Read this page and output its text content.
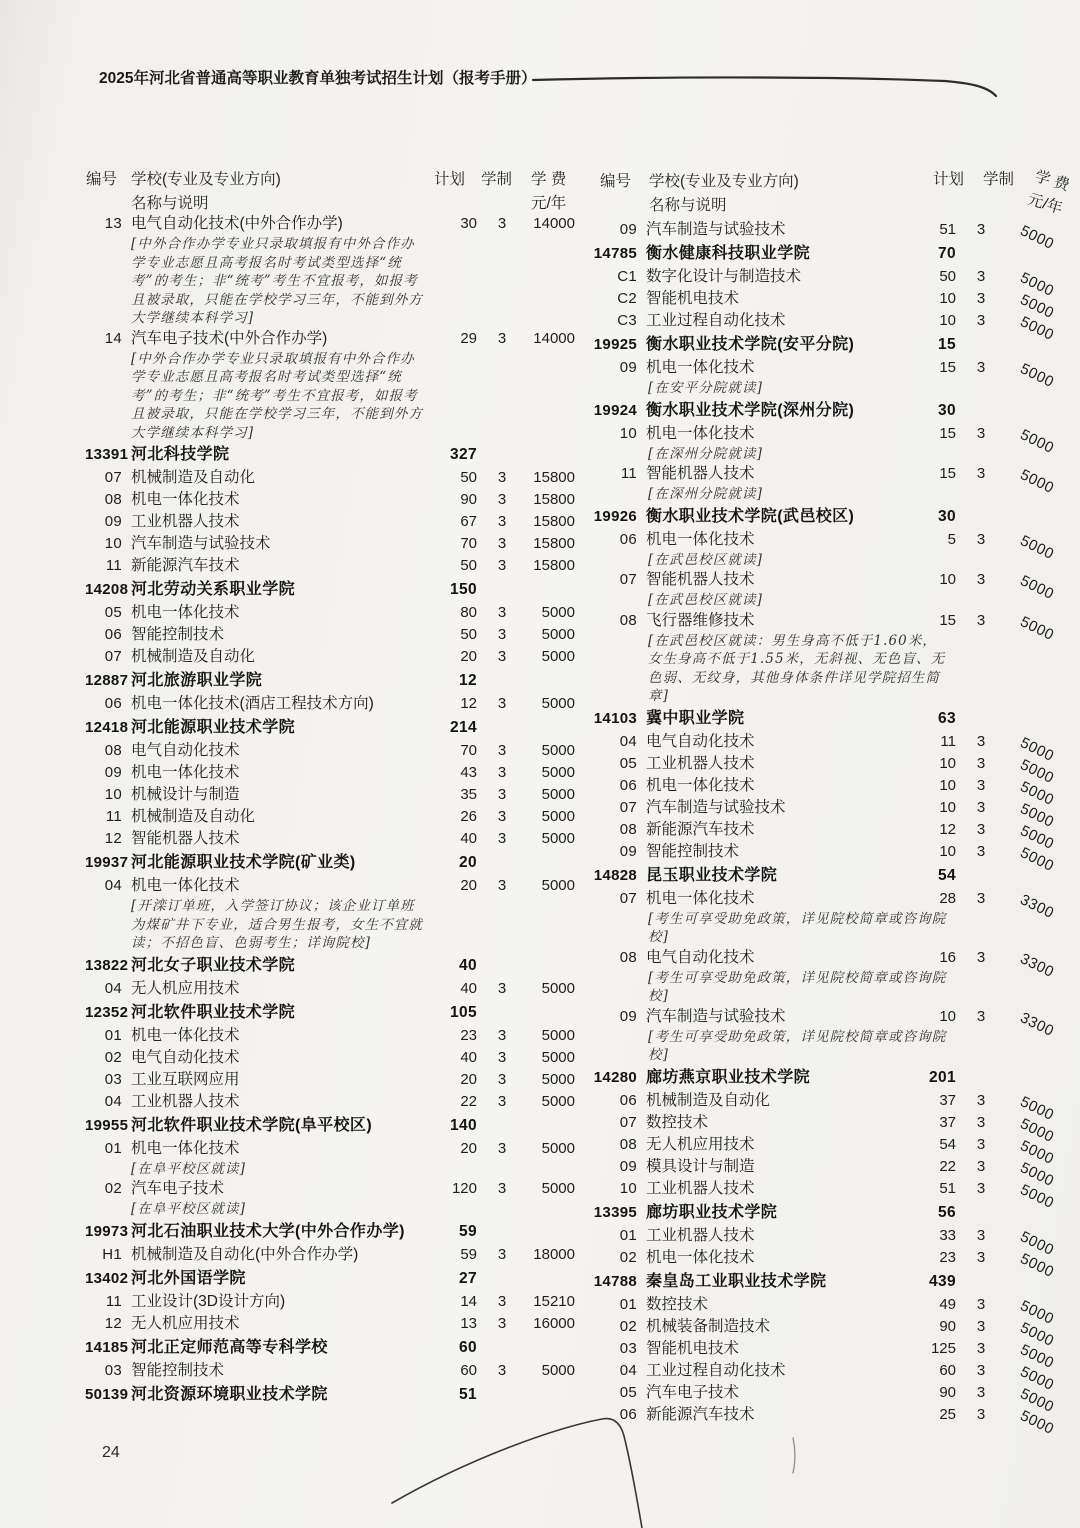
2025年河北省普通高等职业教育单独考试招生计划（报考手册）
编号 学校(专业及专业方向)
名称与说明
计划 学制 学 费
元/年
编号 学校(专业及专业方向)
名称与说明
计划 学制	学 费
元/年
13 电气自动化技术(中外合作办学)	30	3	14000
[中外合作办学专业只录取填报有中外合作办学专业志愿且高考报名时考试类型选择“统考”的考生；非“统考”考生不宜报考，如报考且被录取，只能在学校学习三年，不能到外方大学继续本科学习]
14 汽车电子技术(中外合作办学)	29	3	14000
[中外合作办学专业只录取填报有中外合作办学专业志愿且高考报名时考试类型选择“统考”的考生；非“统考”考生不宜报考，如报考且被录取，只能在学校学习三年，不能到外方大学继续本科学习]
13391 河北科技学院	327
07 机械制造及自动化	50	3	15800
08 机电一体化技术	90	3	15800
09 工业机器人技术	67	3	15800
10 汽车制造与试验技术	70	3	15800
11 新能源汽车技术	50	3	15800
14208 河北劳动关系职业学院	150
05 机电一体化技术	80	3	5000
06 智能控制技术	50	3	5000
07 机械制造及自动化	20	3	5000
12887 河北旅游职业学院	12
06 机电一体化技术(酒店工程技术方向)	12	3	5000
12418 河北能源职业技术学院	214
08 电气自动化技术	70	3	5000
09 机电一体化技术	43	3	5000
10 机械设计与制造	35	3	5000
11 机械制造及自动化	26	3	5000
12 智能机器人技术	40	3	5000
19937 河北能源职业技术学院(矿业类)	20
04 机电一体化技术	20	3	5000
[开滦订单班，入学签订协议；该企业订单班为煤矿井下专业，适合男生报考，女生不宜就读；不招色盲、色弱考生；详询院校]
13822 河北女子职业技术学院	40
04 无人机应用技术	40	3	5000
12352 河北软件职业技术学院	105
01 机电一体化技术	23	3	5000
02 电气自动化技术	40	3	5000
03 工业互联网应用	20	3	5000
04 工业机器人技术	22	3	5000
19955 河北软件职业技术学院(阜平校区)	140
01 机电一体化技术	20	3	5000
[在阜平校区就读]
02 汽车电子技术	120	3	5000
[在阜平校区就读]
19973 河北石油职业技术大学(中外合作办学)	59
H1 机械制造及自动化(中外合作办学)	59	3	18000
13402 河北外国语学院	27
11 工业设计(3D设计方向)	14	3	15210
12 无人机应用技术	13	3	16000
14185 河北正定师范高等专科学校	60
03 智能控制技术	60	3	5000
50139 河北资源环境职业技术学院	51
09 汽车制造与试验技术	51	3	5000
14785 衡水健康科技职业学院	70
C1 数字化设计与制造技术	50	3	5000
C2 智能机电技术	10	3	5000
C3 工业过程自动化技术	10	3	5000
19925 衡水职业技术学院(安平分院)	15
09 机电一体化技术	15	3	5000
[在安平分院就读]
19924 衡水职业技术学院(深州分院)	30
10 机电一体化技术	15	3	5000
[在深州分院就读]
11 智能机器人技术	15	3	5000
[在深州分院就读]
19926 衡水职业技术学院(武邑校区)	30
06 机电一体化技术	5	3	5000
[在武邑校区就读]
07 智能机器人技术	10	3	5000
[在武邑校区就读]
08 飞行器维修技术	15	3	5000
[在武邑校区就读：男生身高不低于1.60米，女生身高不低于1.55米，无斜视、无色盲、无色弱、无纹身，其他身体条件详见学院招生简章]
14103 冀中职业学院	63
04 电气自动化技术	11	3	5000
05 工业机器人技术	10	3	5000
06 机电一体化技术	10	3	5000
07 汽车制造与试验技术	10	3	5000
08 新能源汽车技术	12	3	5000
09 智能控制技术	10	3	5000
14828 昆玉职业技术学院	54
07 机电一体化技术	28	3	3300
[考生可享受助免政策，详见院校简章或咨询院校]
08 电气自动化技术	16	3	3300
[考生可享受助免政策，详见院校简章或咨询院校]
09 汽车制造与试验技术	10	3	3300
[考生可享受助免政策，详见院校简章或咨询院校]
14280 廊坊燕京职业技术学院	201
06 机械制造及自动化	37	3	5000
07 数控技术	37	3	5000
08 无人机应用技术	54	3	5000
09 模具设计与制造	22	3	5000
10 工业机器人技术	51	3	5000
13395 廊坊职业技术学院	56
01 工业机器人技术	33	3	5000
02 机电一体化技术	23	3	5000
14788 秦皇岛工业职业技术学院	439
01 数控技术	49	3	5000
02 机械装备制造技术	90	3	5000
03 智能机电技术	125	3	5000
04 工业过程自动化技术	60	3	5000
05 汽车电子技术	90	3	5000
06 新能源汽车技术	25	3	5000
24
